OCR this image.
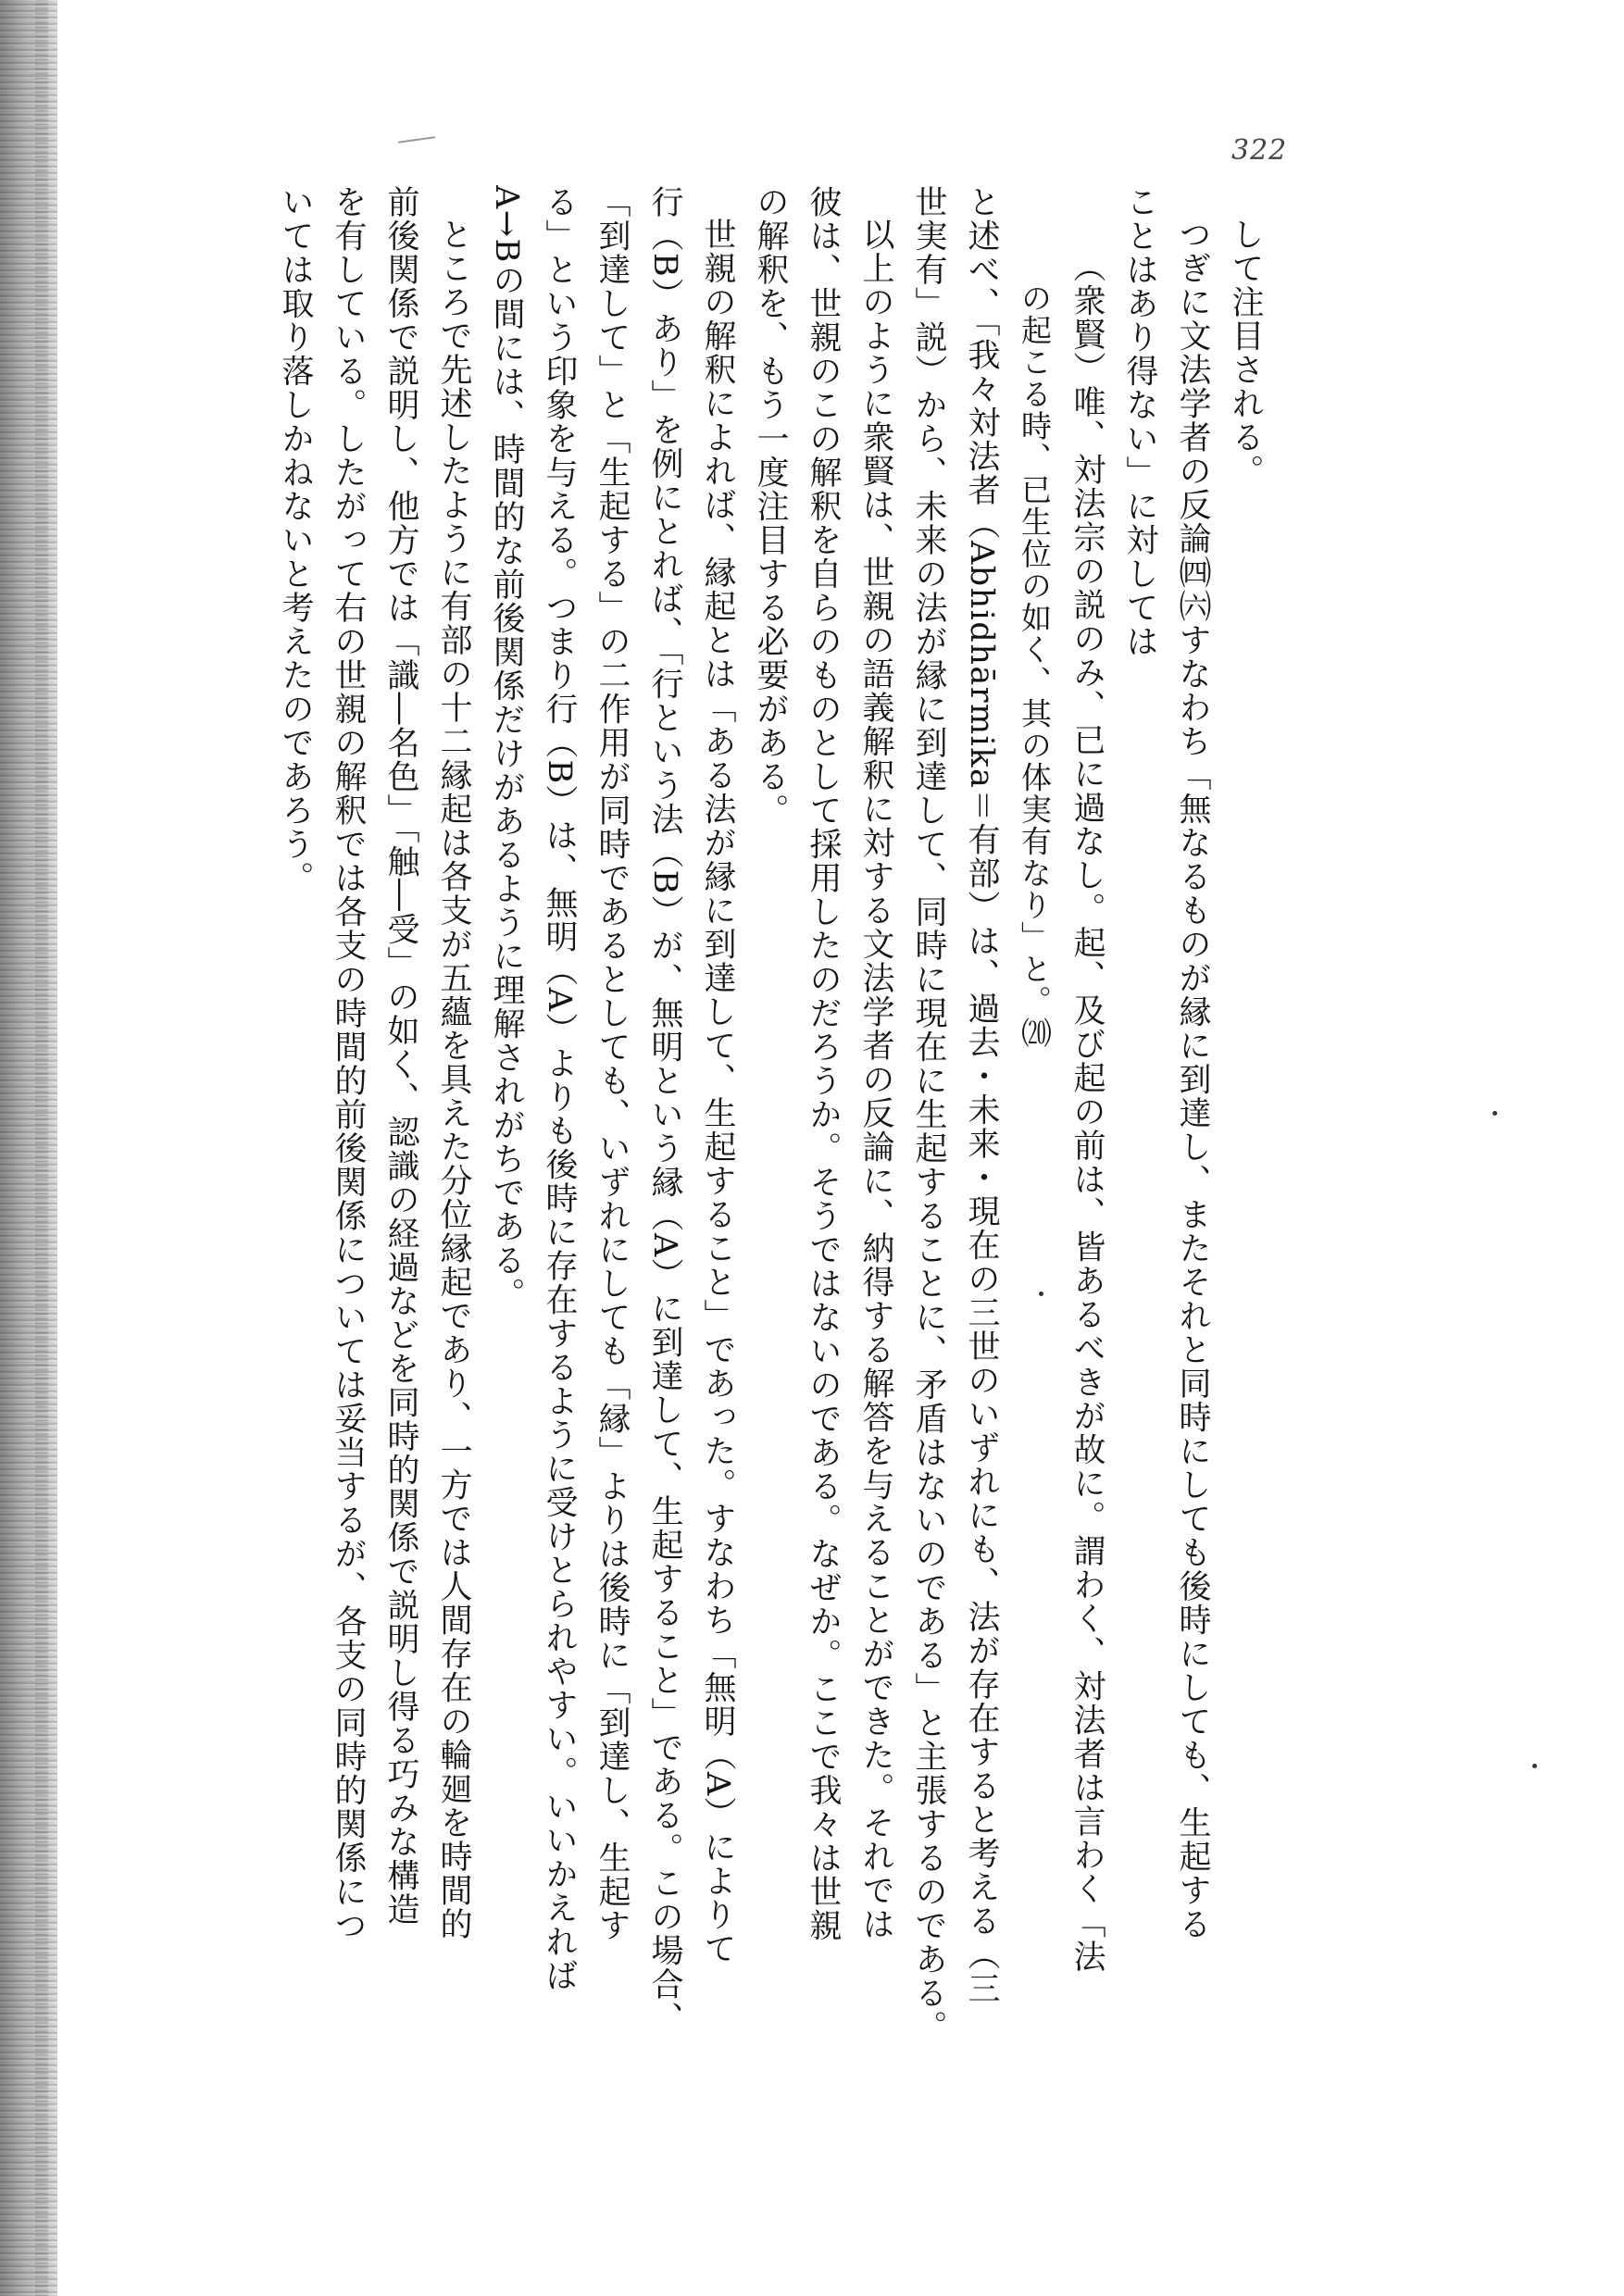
322
して注目される。
つぎに文法学者の反論㈣㈥すなわち「無なるものが縁に到達し、またそれと同時にしても後時にしても、生起する
ことはあり得ない」に対しては
（衆賢）唯、対法宗の説のみ、已に過なし。起、及び起の前は、皆あるべきが故に。謂わく、対法者は言わく「法
の起こる時、已生位の如く、其の体実有なり」と。⒇
と述べ、「我々対法者（Abhidhārmika＝有部）は、過去・未来・現在の三世のいずれにも、法が存在すると考える（三
世実有」説）から、未来の法が縁に到達して、同時に現在に生起することに、矛盾はないのである」と主張するのである。
以上のように衆賢は、世親の語義解釈に対する文法学者の反論に、納得する解答を与えることができた。それでは
彼は、世親のこの解釈を自らのものとして採用したのだろうか。そうではないのである。なぜか。ここで我々は世親
の解釈を、もう一度注目する必要がある。
世親の解釈によれば、縁起とは「ある法が縁に到達して、生起すること」であった。すなわち「無明（A）によりて
行（B）あり」を例にとれば、「行という法（B）が、無明という縁（A）に到達して、生起すること」である。この場合、
「到達して」と「生起する」の二作用が同時であるとしても、いずれにしても「縁」よりは後時に「到達し、生起す
る」という印象を与える。つまり行（B）は、無明（A）よりも後時に存在するように受けとられやすい。いいかえれば
A→Bの間には、時間的な前後関係だけがあるように理解されがちである。
ところで先述したように有部の十二縁起は各支が五蘊を具えた分位縁起であり、一方では人間存在の輪廻を時間的
前後関係で説明し、他方では「識―名色」「触―受」の如く、認識の経過などを同時的関係で説明し得る巧みな構造
を有している。したがって右の世親の解釈では各支の時間的前後関係については妥当するが、各支の同時的関係につ
いては取り落しかねないと考えたのであろう。
